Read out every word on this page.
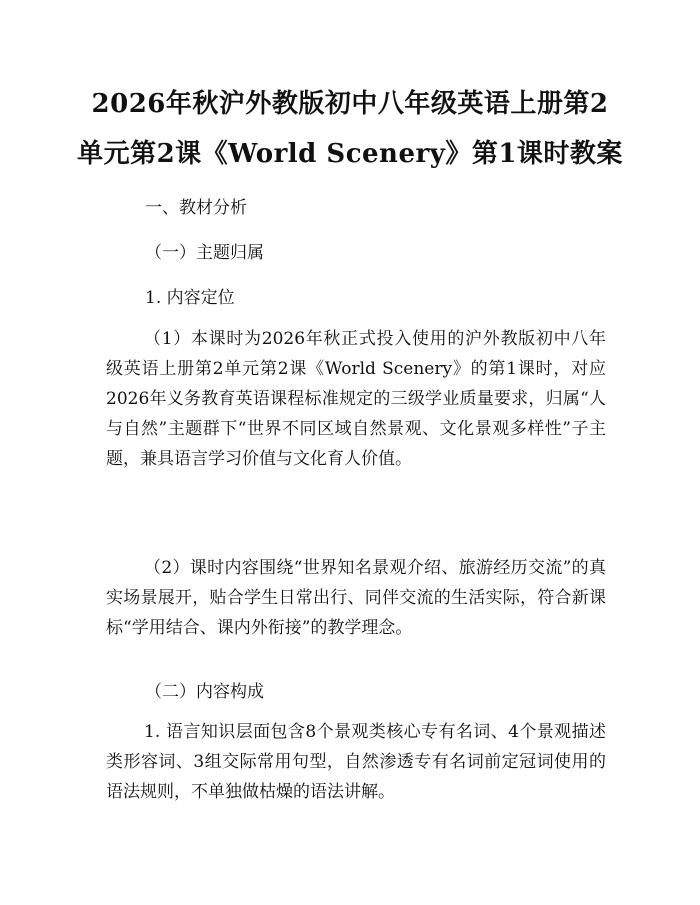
2026年秋沪外教版初中八年级英语上册第2
单元第2课《World Scenery》第1课时教案
一、教材分析
（一）主题归属
1. 内容定位
（1）本课时为2026年秋正式投入使用的沪外教版初中八年级英语上册第2单元第2课《World Scenery》的第1课时，对应2026年义务教育英语课程标准规定的三级学业质量要求，归属“人与自然”主题群下“世界不同区域自然景观、文化景观多样性”子主题，兼具语言学习价值与文化育人价值。
（2）课时内容围绕“世界知名景观介绍、旅游经历交流”的真实场景展开，贴合学生日常出行、同伴交流的生活实际，符合新课标“学用结合、课内外衔接”的教学理念。
（二）内容构成
1. 语言知识层面包含8个景观类核心专有名词、4个景观描述类形容词、3组交际常用句型，自然渗透专有名词前定冠词使用的语法规则，不单独做枯燥的语法讲解。
